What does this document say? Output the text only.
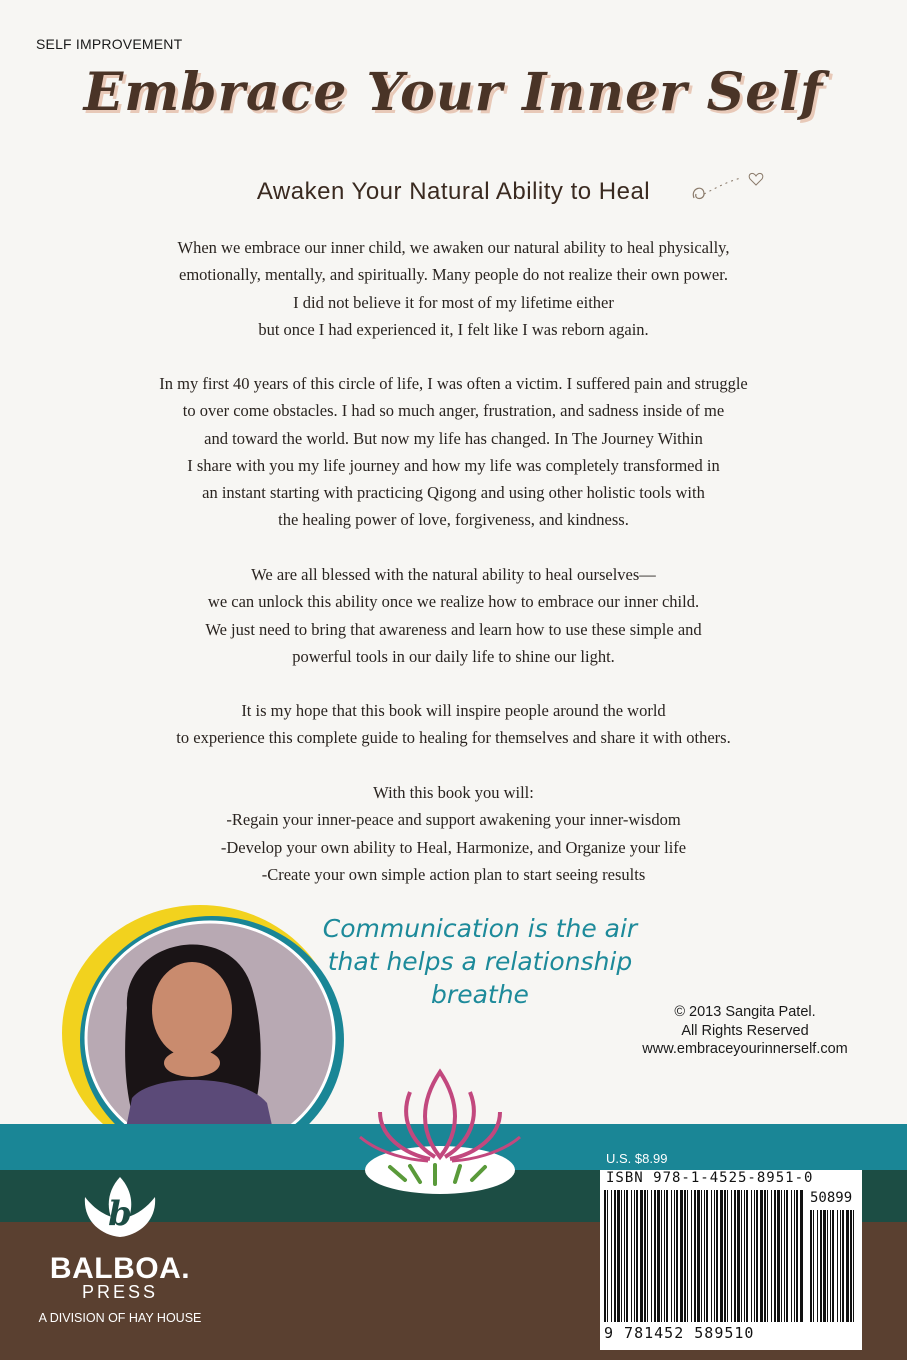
SELF IMPROVEMENT
Embrace Your Inner Self
Awaken Your Natural Ability to Heal
When we embrace our inner child, we awaken our natural ability to heal physically,
emotionally, mentally, and spiritually. Many people do not realize their own power.
I did not believe it for most of my lifetime either
but once I had experienced it, I felt like I was reborn again.
In my first 40 years of this circle of life, I was often a victim. I suffered pain and struggle
to over come obstacles. I had so much anger, frustration, and sadness inside of me
and toward the world. But now my life has changed. In The Journey Within
I share with you my life journey and how my life was completely transformed in
an instant starting with practicing Qigong and using other holistic tools with
the healing power of love, forgiveness, and kindness.
We are all blessed with the natural ability to heal ourselves—
we can unlock this ability once we realize how to embrace our inner child.
We just need to bring that awareness and learn how to use these simple and
powerful tools in our daily life to shine our light.
It is my hope that this book will inspire people around the world
to experience this complete guide to healing for themselves and share it with others.
With this book you will:
-Regain your inner-peace and support awakening your inner-wisdom
-Develop your own ability to Heal, Harmonize, and Organize your life
-Create your own simple action plan to start seeing results
Communication is the air
that helps a relationship
breathe
© 2013 Sangita Patel.
All Rights Reserved
www.embraceyourinnerself.com
b
BALBOA.
PRESS
A DIVISION OF HAY HOUSE
U.S. $8.99
ISBN 978-1-4525-8951-0
50899
9 781452 589510
